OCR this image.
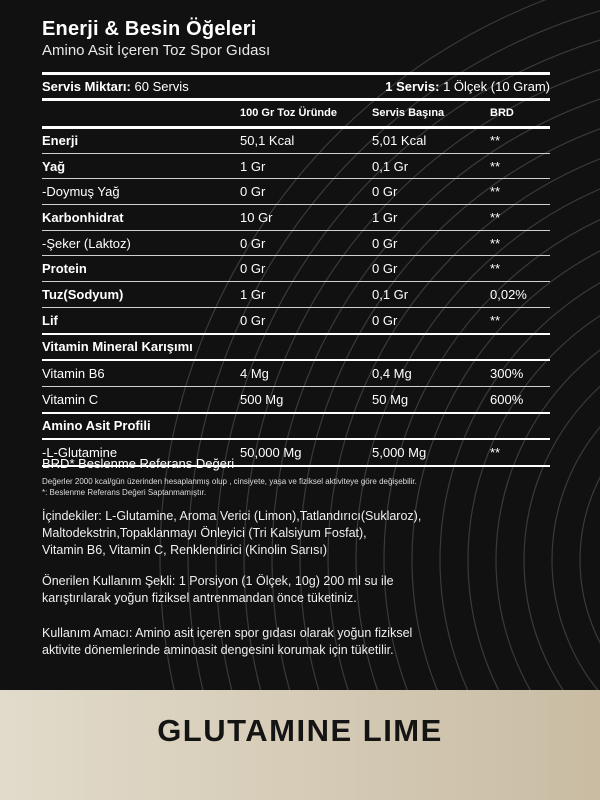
Enerji & Besin Öğeleri
Amino Asit İçeren Toz Spor Gıdası
Servis Miktarı: 60 Servis	1 Servis: 1 Ölçek (10 Gram)
100 Gr Toz Üründe	Servis Başına	BRD
Enerji	50,1 Kcal	5,01 Kcal	**
Yağ	1 Gr	0,1 Gr	**
-Doymuş Yağ	0 Gr	0 Gr	**
Karbonhidrat	10 Gr	1 Gr	**
-Şeker (Laktoz)	0 Gr	0 Gr	**
Protein	0 Gr	0 Gr	**
Tuz(Sodyum)	1 Gr	0,1 Gr	0,02%
Lif	0 Gr	0 Gr	**
Vitamin Mineral Karışımı			
Vitamin B6	4 Mg	0,4 Mg	300%
Vitamin C	500 Mg	50 Mg	600%
Amino Asit Profili			
-L-Glutamine	50,000 Mg	5,000 Mg	**
BRD* Beslenme Referans Değeri
Değerler 2000 kcal/gün üzerinden hesaplanmış olup , cinsiyete, yaşa ve fiziksel aktiviteye göre değişebilir.
*: Beslenme Referans Değeri Saptanmamıştır.
İçindekiler: L-Glutamine, Aroma Verici (Limon),Tatlandırıcı(Suklaroz),
Maltodekstrin,Topaklanmayı Önleyici (Tri Kalsiyum Fosfat),
Vitamin B6, Vitamin C, Renklendirici (Kinolin Sarısı)
Önerilen Kullanım Şekli: 1 Porsiyon (1 Ölçek, 10g) 200 ml su ile
karıştırılarak yoğun fiziksel antrenmandan önce tüketiniz.
Kullanım Amacı: Amino asit içeren spor gıdası olarak yoğun fiziksel
aktivite dönemlerinde aminoasit dengesini korumak için tüketilir.
GLUTAMINE LIME
